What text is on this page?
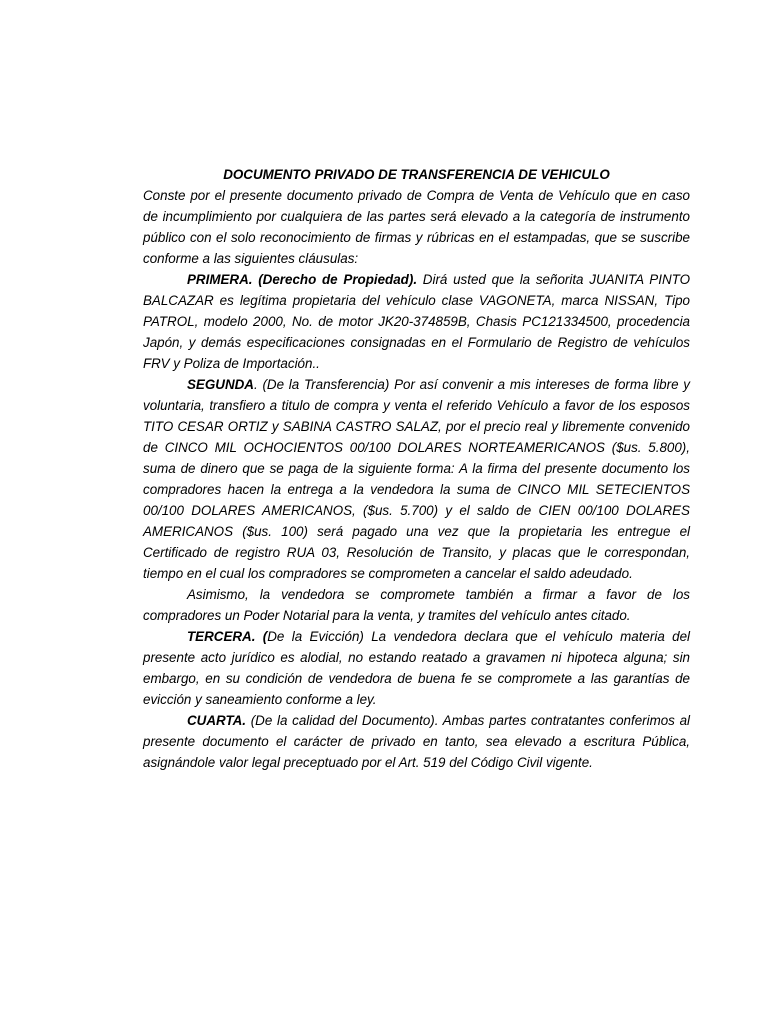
DOCUMENTO PRIVADO DE TRANSFERENCIA DE VEHICULO

Conste por el presente documento privado de Compra de Venta de Vehículo que en caso de incumplimiento por cualquiera de las partes será elevado a la categoría de instrumento público con el solo reconocimiento de firmas y rúbricas en el estampadas, que se suscribe conforme a las siguientes cláusulas:

PRIMERA. (Derecho de Propiedad). Dirá usted que la señorita JUANITA PINTO BALCAZAR es legítima propietaria del vehículo clase VAGONETA, marca NISSAN, Tipo PATROL, modelo 2000, No. de motor JK20-374859B, Chasis PC121334500, procedencia Japón, y demás especificaciones consignadas en el Formulario de Registro de vehículos FRV y Poliza de Importación..

SEGUNDA. (De la Transferencia) Por así convenir a mis intereses de forma libre y voluntaria, transfiero a titulo de compra y venta el referido Vehículo a favor de los esposos TITO CESAR ORTIZ y SABINA CASTRO SALAZ, por el precio real y libremente convenido de CINCO MIL OCHOCIENTOS 00/100 DOLARES NORTEAMERICANOS ($us. 5.800), suma de dinero que se paga de la siguiente forma: A la firma del presente documento los compradores hacen la entrega a la vendedora la suma de CINCO MIL SETECIENTOS 00/100 DOLARES AMERICANOS, ($us. 5.700) y el saldo de CIEN 00/100 DOLARES AMERICANOS ($us. 100) será pagado una vez que la propietaria les entregue el Certificado de registro RUA 03, Resolución de Transito, y placas que le correspondan, tiempo en el cual los compradores se comprometen a cancelar el saldo adeudado.

Asimismo, la vendedora se compromete también a firmar a favor de los compradores un Poder Notarial para la venta, y tramites del vehículo antes citado.

TERCERA. (De la Evicción) La vendedora declara que el vehículo materia del presente acto jurídico es alodial, no estando reatado a gravamen ni hipoteca alguna; sin embargo, en su condición de vendedora de buena fe se compromete a las garantías de evicción y saneamiento conforme a ley.

CUARTA. (De la calidad del Documento). Ambas partes contratantes conferimos al presente documento el carácter de privado en tanto, sea elevado a escritura Pública, asignándole valor legal preceptuado por el Art. 519 del Código Civil vigente.
